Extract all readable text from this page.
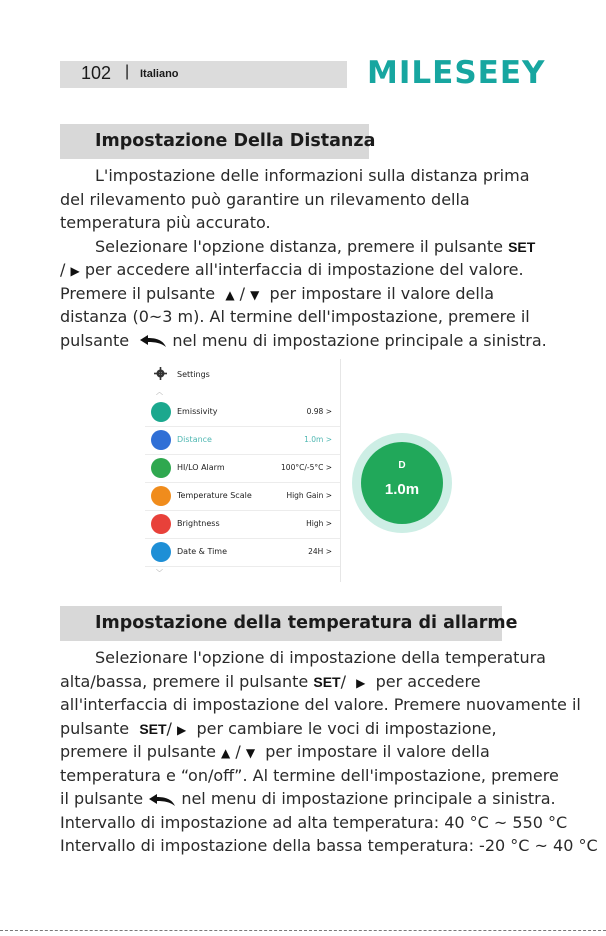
102 | Italiano	MILESEEY
Impostazione Della Distanza
L'impostazione delle informazioni sulla distanza prima
del rilevamento può garantire un rilevamento della
temperatura più accurato.
Selezionare l'opzione distanza, premere il pulsante SET
/ ▶ per accedere all'interfaccia di impostazione del valore.
Premere il pulsante ▲ / ▼ per impostare il valore della
distanza (0~3 m). Al termine dell'impostazione, premere il
pulsante	nel menu di impostazione principale a sinistra.
Settings
︿
Emissivity	0.98 >
Distance	1.0m >
HI/LO Alarm	100°C/-5°C >
Temperature Scale	High Gain >
Brightness	High >
Date & Time	24H >
﹀
D
1.0m
Impostazione della temperatura di allarme
Selezionare l'opzione di impostazione della temperatura
alta/bassa, premere il pulsante SET/ ▶ per accedere
all'interfaccia di impostazione del valore. Premere nuovamente il
pulsante SET/ ▶ per cambiare le voci di impostazione,
premere il pulsante ▲ / ▼ per impostare il valore della
temperatura e “on/off”. Al termine dell'impostazione, premere
il pulsante nel menu di impostazione principale a sinistra.
Intervallo di impostazione ad alta temperatura: 40 °C ~ 550 °C
Intervallo di impostazione della bassa temperatura: -20 °C ~ 40 °C
